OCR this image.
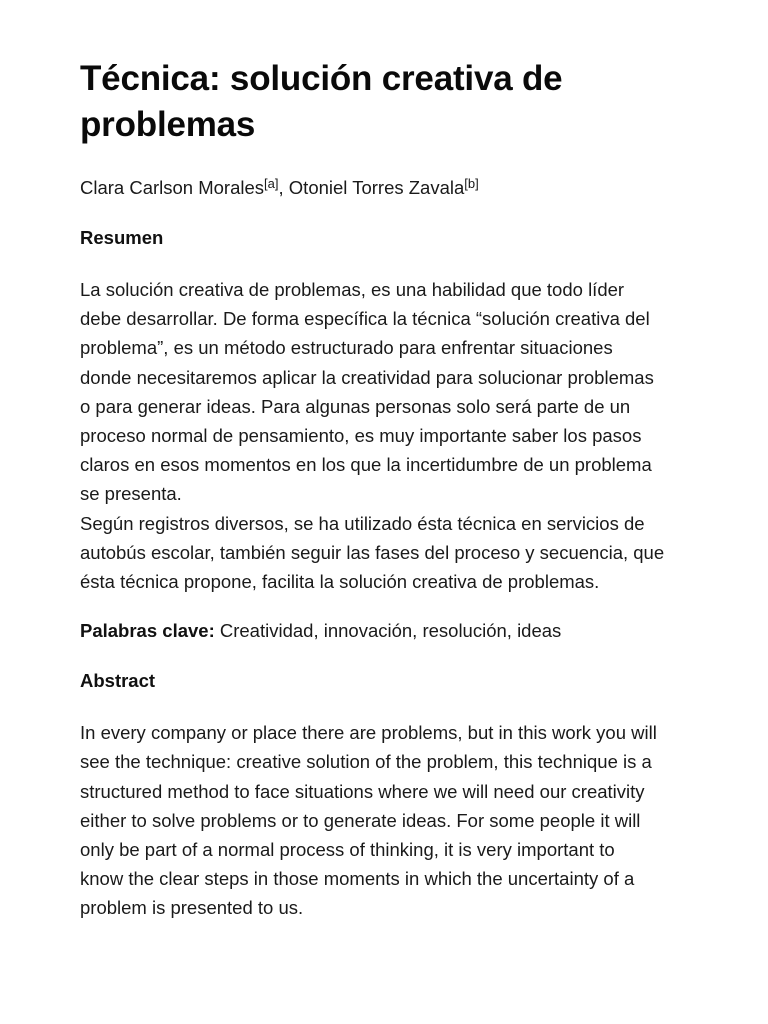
Técnica: solución creativa de
problemas

Clara Carlson Morales[a], Otoniel Torres Zavala[b]

Resumen

La solución creativa de problemas, es una habilidad que todo líder
debe desarrollar. De forma específica la técnica “solución creativa del
problema”, es un método estructurado para enfrentar situaciones
donde necesitaremos aplicar la creatividad para solucionar problemas
o para generar ideas. Para algunas personas solo será parte de un
proceso normal de pensamiento, es muy importante saber los pasos
claros en esos momentos en los que la incertidumbre de un problema
se presenta.
Según registros diversos, se ha utilizado ésta técnica en servicios de
autobús escolar, también seguir las fases del proceso y secuencia, que
ésta técnica propone, facilita la solución creativa de problemas.

Palabras clave: Creatividad, innovación, resolución, ideas

Abstract

In every company or place there are problems, but in this work you will
see the technique: creative solution of the problem, this technique is a
structured method to face situations where we will need our creativity
either to solve problems or to generate ideas. For some people it will
only be part of a normal process of thinking, it is very important to
know the clear steps in those moments in which the uncertainty of a
problem is presented to us.
